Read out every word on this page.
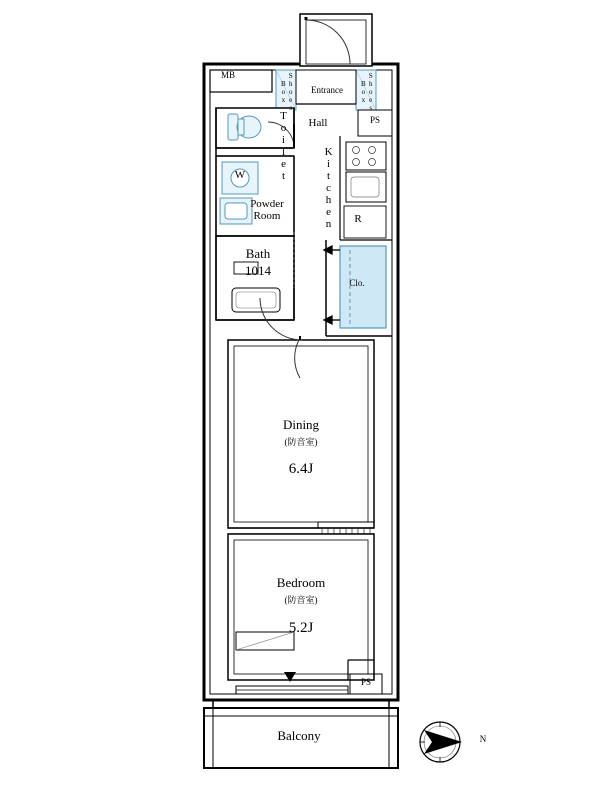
MB	Shoes
Box	Entrance	Shoes
Box
PS
Toilet	Hall
Kitchen
W
Powder
Room	R
Bath
1014
Clo.
Dining
(防音室)
6.4J
Bedroom
(防音室)
5.2J
PS
Balcony	N
